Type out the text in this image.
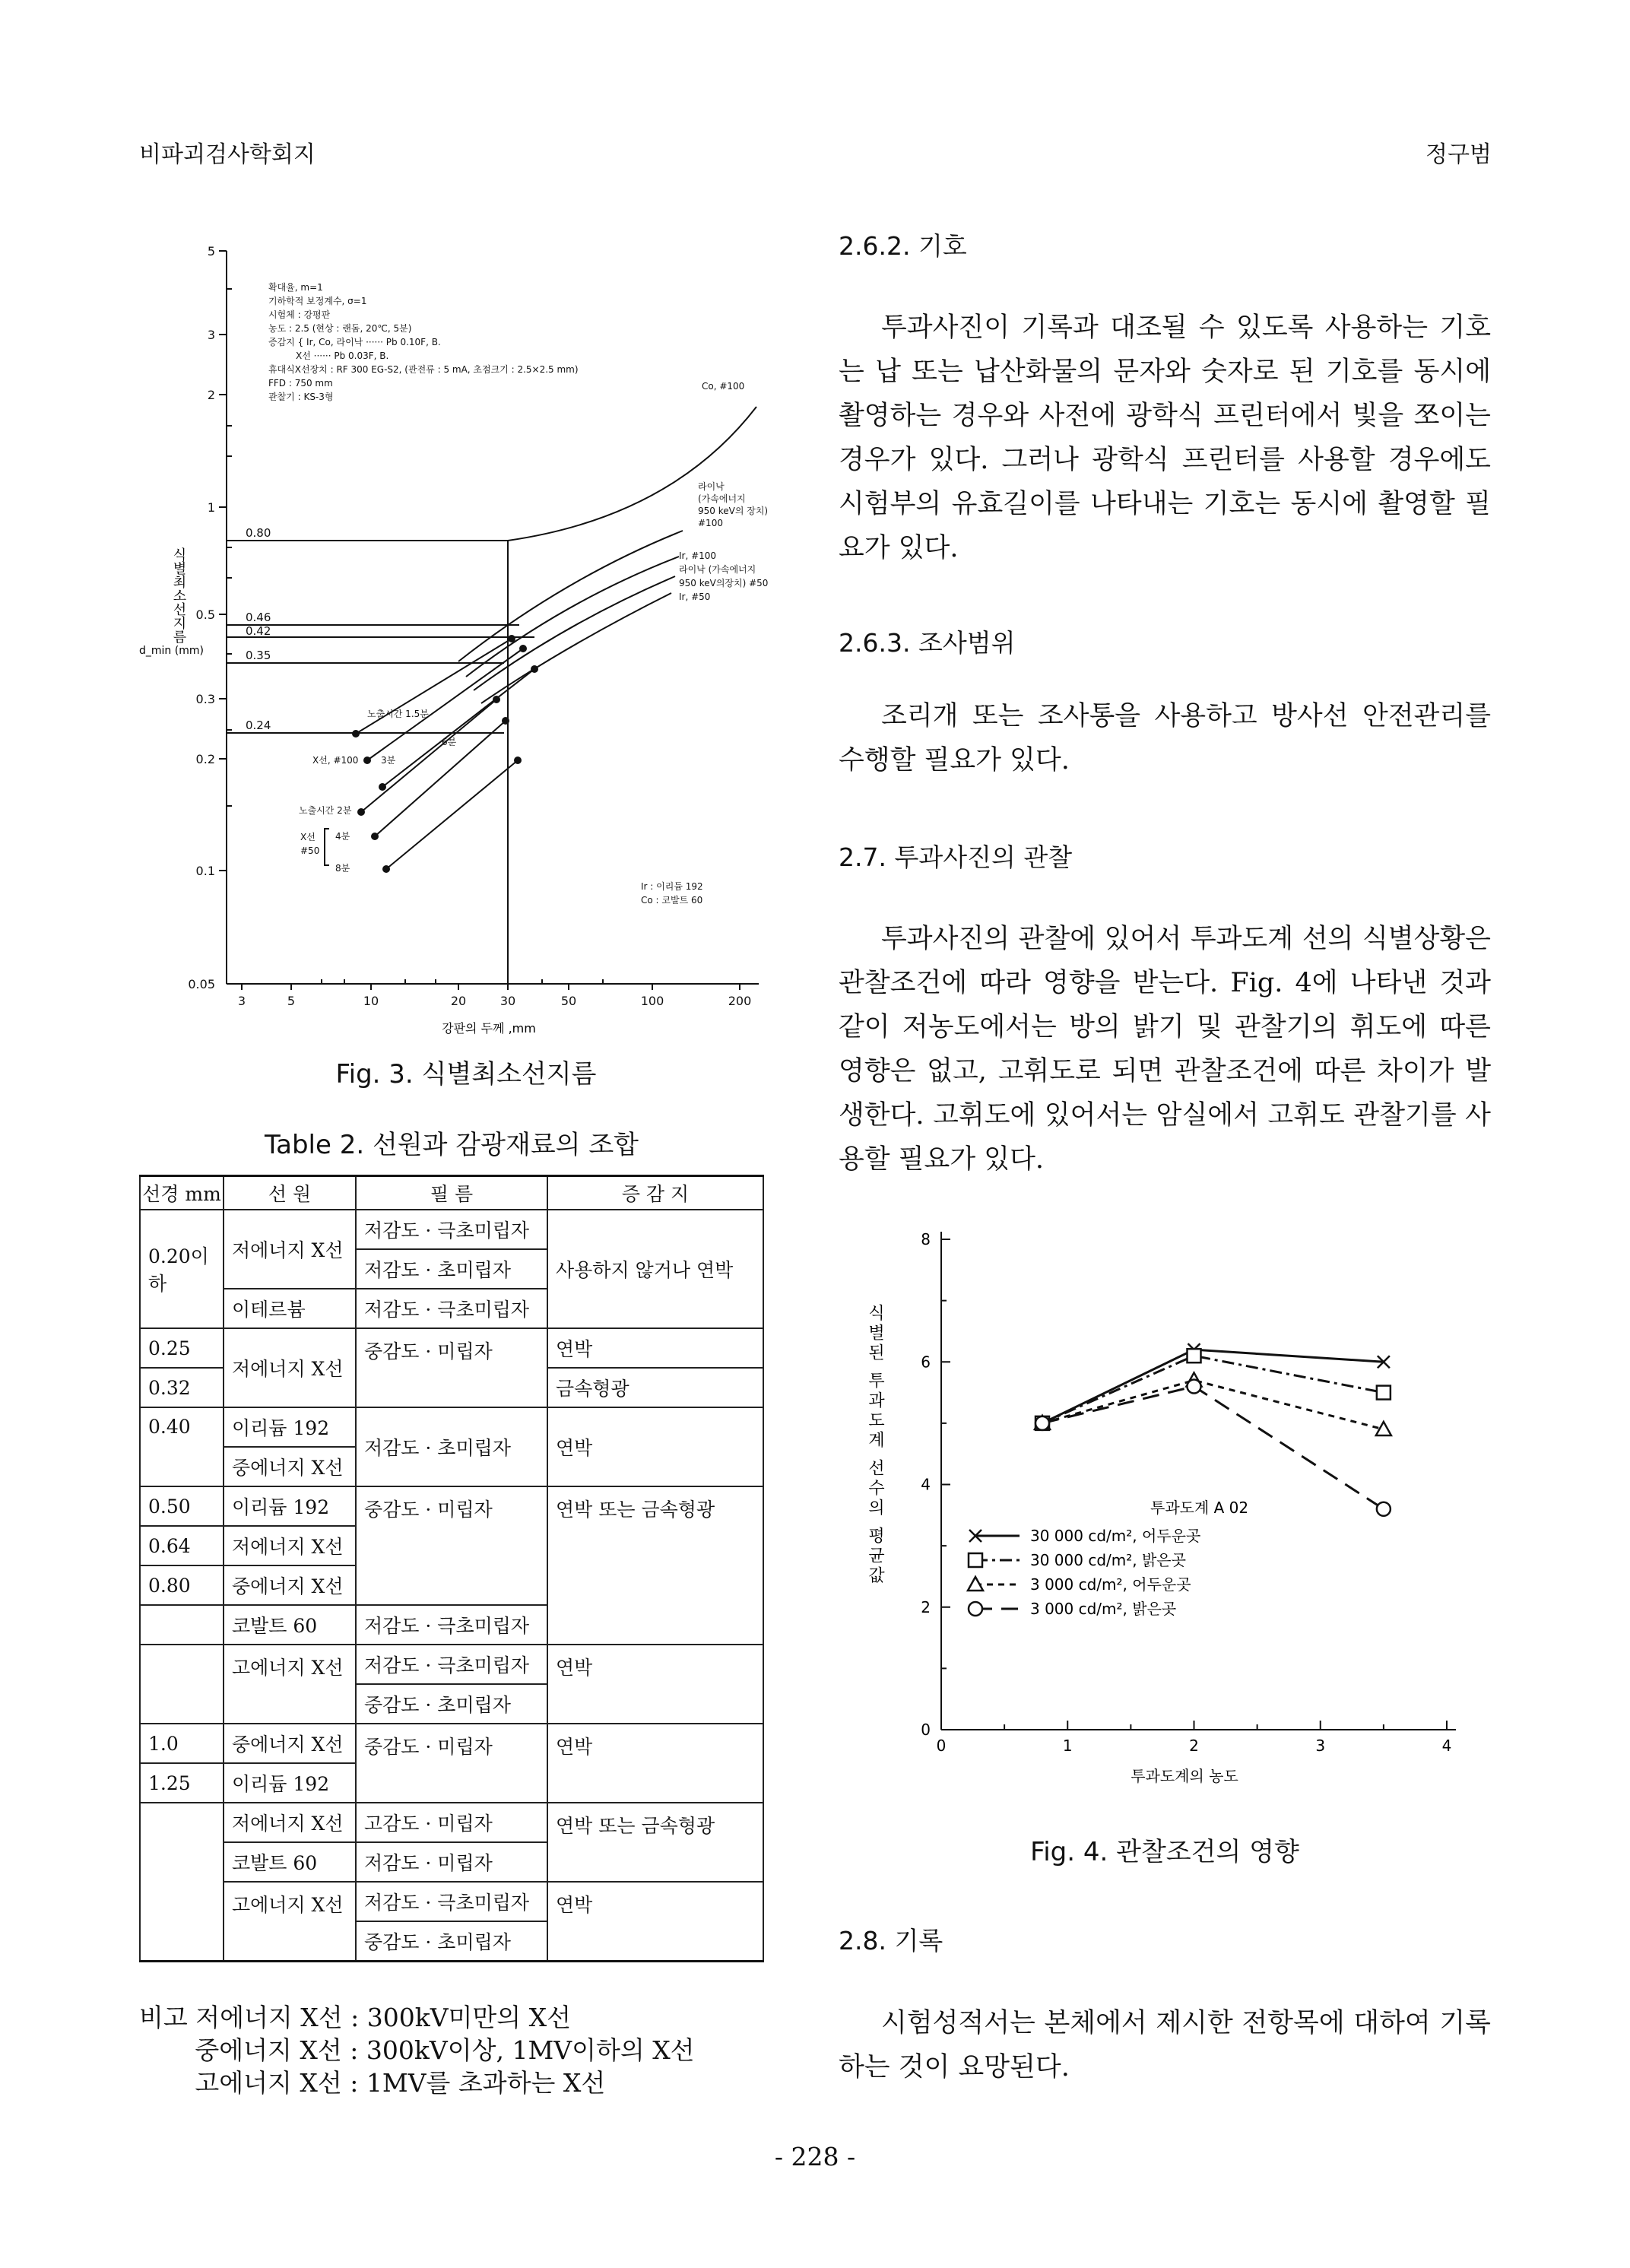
비파괴검사학회지	정구범
5
3
2
1
0.5
0.3
0.2
0.1
0.05
3	5	10	20	30	50	100	200
강판의 두께 ,mm
식별최소선지름
d_min (mm)
0.80
0.46
0.42
0.35
0.24
확대율, m=1
기하학적 보정계수, σ=1
시험체 : 강평판
농도 : 2.5 (현상 : 랜돔, 20℃, 5분)
증감지 { Ir, Co, 라이낙 ······ Pb 0.10F, B.
X선 ······ Pb 0.03F, B.
휴대식X선장치 : RF 300 EG-S2, (관전류 : 5 mA, 초점크기 : 2.5×2.5 mm)
FFD : 750 mm
관찰기 : KS-3형
Co, #100
라이낙
(가속에너지
950 keV의 장치)
#100
Ir, #100
라이낙 (가속에너지
950 keV의장치) #50
Ir, #50
노출시간 1.5분
X선, #100 3분
6분
노출시간 2분
X선
#50
4분
8분
Ir : 이리듐 192
Co : 코발트 60
Fig. 3. 식별최소선지름
Table 2. 선원과 감광재료의 조합
선경 mm	선 원	필 름	증 감 지
0.20이하	저에너지 X선	저감도 · 극초미립자	사용하지 않거나 연박
		저감도 · 초미립자	
	이테르븀	저감도 · 극초미립자	
0.25	저에너지 X선	중감도 · 미립자	연박
0.32			금속형광
0.40	이리듐 192	저감도 · 초미립자	연박
	중에너지 X선		
0.50	이리듐 192	중감도 · 미립자	연박 또는 금속형광
0.64	저에너지 X선		
0.80	중에너지 X선		
	코발트 60	저감도 · 극초미립자	
	고에너지 X선	저감도 · 극초미립자	연박
		중감도 · 초미립자	
1.0	중에너지 X선	중감도 · 미립자	연박
1.25	이리듐 192		
	저에너지 X선	고감도 · 미립자	연박 또는 금속형광
	코발트 60	저감도 · 미립자	
	고에너지 X선	저감도 · 극초미립자	연박
		중감도 · 초미립자	
비고 저에너지 X선 : 300kV미만의 X선
중에너지 X선 : 300kV이상, 1MV이하의 X선
고에너지 X선 : 1MV를 초과하는 X선
2.6.2. 기호

투과사진이 기록과 대조될 수 있도록 사용하는 기호는 납 또는 납산화물의 문자와 숫자로 된 기호를 동시에 촬영하는 경우와 사전에 광학식 프린터에서 빛을 쪼이는 경우가 있다. 그러나 광학식 프린터를 사용할 경우에도 시험부의 유효길이를 나타내는 기호는 동시에 촬영할 필요가 있다.

2.6.3. 조사범위

조리개 또는 조사통을 사용하고 방사선 안전관리를 수행할 필요가 있다.

2.7. 투과사진의 관찰

투과사진의 관찰에 있어서 투과도계 선의 식별상황은 관찰조건에 따라 영향을 받는다. Fig. 4에 나타낸 것과 같이 저농도에서는 방의 밝기 및 관찰기의 휘도에 따른 영향은 없고, 고휘도로 되면 관찰조건에 따른 차이가 발생한다. 고휘도에 있어서는 암실에서 고휘도 관찰기를 사용할 필요가 있다.

식별된 투과도계 선수의 평균값
투과도계의 농도
투과도계 A 02
0	1	2	3	4
0
2
4
6
8
30 000 cd/m², 어두운곳
30 000 cd/m², 밝은곳
3 000 cd/m², 어두운곳
3 000 cd/m², 밝은곳
Fig. 4. 관찰조건의 영향
2.8. 기록

시험성적서는 본체에서 제시한 전항목에 대하여 기록하는 것이 요망된다.

- 228 -
